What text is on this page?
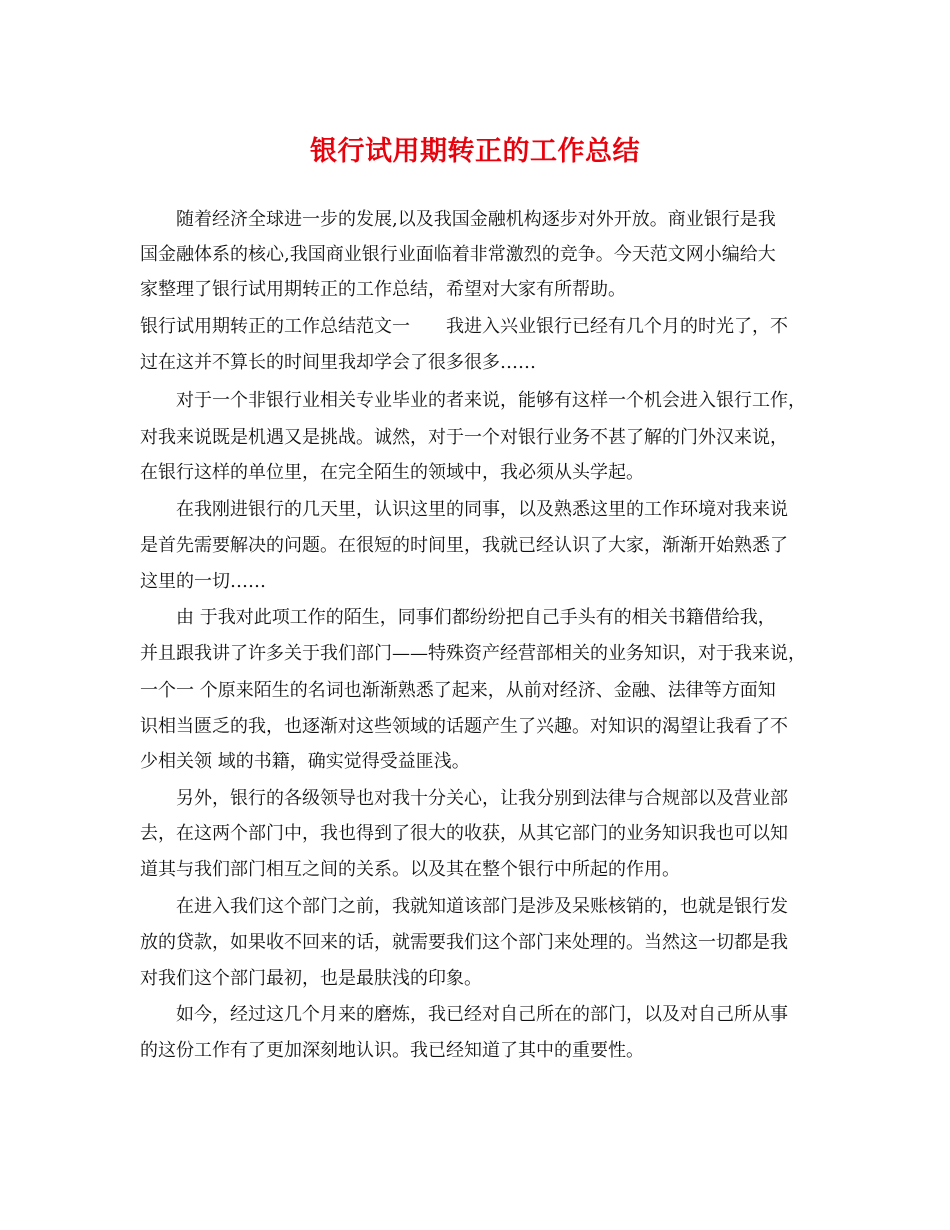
银行试用期转正的工作总结
随着经济全球进一步的发展,以及我国金融机构逐步对外开放。商业银行是我
国金融体系的核心,我国商业银行业面临着非常激烈的竞争。今天范文网小编给大
家整理了银行试用期转正的工作总结，希望对大家有所帮助。
银行试用期转正的工作总结范文一　　我进入兴业银行已经有几个月的时光了，不
过在这并不算长的时间里我却学会了很多很多……
对于一个非银行业相关专业毕业的者来说，能够有这样一个机会进入银行工作，
对我来说既是机遇又是挑战。诚然，对于一个对银行业务不甚了解的门外汉来说，
在银行这样的单位里，在完全陌生的领域中，我必须从头学起。
在我刚进银行的几天里，认识这里的同事，以及熟悉这里的工作环境对我来说
是首先需要解决的问题。在很短的时间里，我就已经认识了大家，渐渐开始熟悉了
这里的一切……
由 于我对此项工作的陌生，同事们都纷纷把自己手头有的相关书籍借给我，
并且跟我讲了许多关于我们部门——特殊资产经营部相关的业务知识，对于我来说，
一个一 个原来陌生的名词也渐渐熟悉了起来，从前对经济、金融、法律等方面知
识相当匮乏的我，也逐渐对这些领域的话题产生了兴趣。对知识的渴望让我看了不
少相关领 域的书籍，确实觉得受益匪浅。
另外，银行的各级领导也对我十分关心，让我分别到法律与合规部以及营业部
去，在这两个部门中，我也得到了很大的收获，从其它部门的业务知识我也可以知
道其与我们部门相互之间的关系。以及其在整个银行中所起的作用。
在进入我们这个部门之前，我就知道该部门是涉及呆账核销的，也就是银行发
放的贷款，如果收不回来的话，就需要我们这个部门来处理的。当然这一切都是我
对我们这个部门最初，也是最肤浅的印象。
如今，经过这几个月来的磨炼，我已经对自己所在的部门，以及对自己所从事
的这份工作有了更加深刻地认识。我已经知道了其中的重要性。
